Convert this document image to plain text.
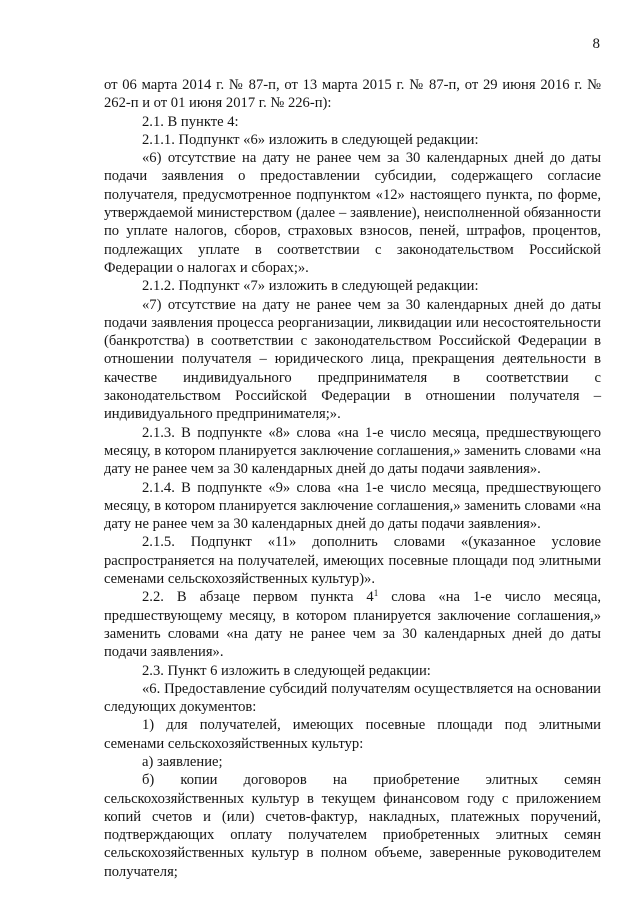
8

от 06 марта 2014 г. № 87-п, от 13 марта 2015 г. № 87-п, от 29 июня 2016 г. № 262-п и от 01 июня 2017 г. № 226-п):

2.1. В пункте 4:

2.1.1. Подпункт «6» изложить в следующей редакции:

«6) отсутствие на дату не ранее чем за 30 календарных дней до даты подачи заявления о предоставлении субсидии, содержащего согласие получателя, предусмотренное подпунктом «12» настоящего пункта, по форме, утверждаемой министерством (далее – заявление), неисполненной обязанности по уплате налогов, сборов, страховых взносов, пеней, штрафов, процентов, подлежащих уплате в соответствии с законодательством Российской Федерации о налогах и сборах;».

2.1.2. Подпункт «7» изложить в следующей редакции:

«7) отсутствие на дату не ранее чем за 30 календарных дней до даты подачи заявления процесса реорганизации, ликвидации или несостоятельности (банкротства) в соответствии с законодательством Российской Федерации в отношении получателя – юридического лица, прекращения деятельности в качестве индивидуального предпринимателя в соответствии с законодательством Российской Федерации в отношении получателя – индивидуального предпринимателя;».

2.1.3. В подпункте «8» слова «на 1-е число месяца, предшествующего месяцу, в котором планируется заключение соглашения,» заменить словами «на дату не ранее чем за 30 календарных дней до даты подачи заявления».

2.1.4. В подпункте «9» слова «на 1-е число месяца, предшествующего месяцу, в котором планируется заключение соглашения,» заменить словами «на дату не ранее чем за 30 календарных дней до даты подачи заявления».

2.1.5. Подпункт «11» дополнить словами «(указанное условие распространяется на получателей, имеющих посевные площади под элитными семенами сельскохозяйственных культур)».

2.2. В абзаце первом пункта $4^1$ слова «на 1-е число месяца, предшествующему месяцу, в котором планируется заключение соглашения,» заменить словами «на дату не ранее чем за 30 календарных дней до даты подачи заявления».

2.3. Пункт 6 изложить в следующей редакции:

«6. Предоставление субсидий получателям осуществляется на основании следующих документов:

1) для получателей, имеющих посевные площади под элитными семенами сельскохозяйственных культур:

а) заявление;

б) копии договоров на приобретение элитных семян сельскохозяйственных культур в текущем финансовом году с приложением копий счетов и (или) счетов-фактур, накладных, платежных поручений, подтверждающих оплату получателем приобретенных элитных семян сельскохозяйственных культур в полном объеме, заверенные руководителем получателя;
